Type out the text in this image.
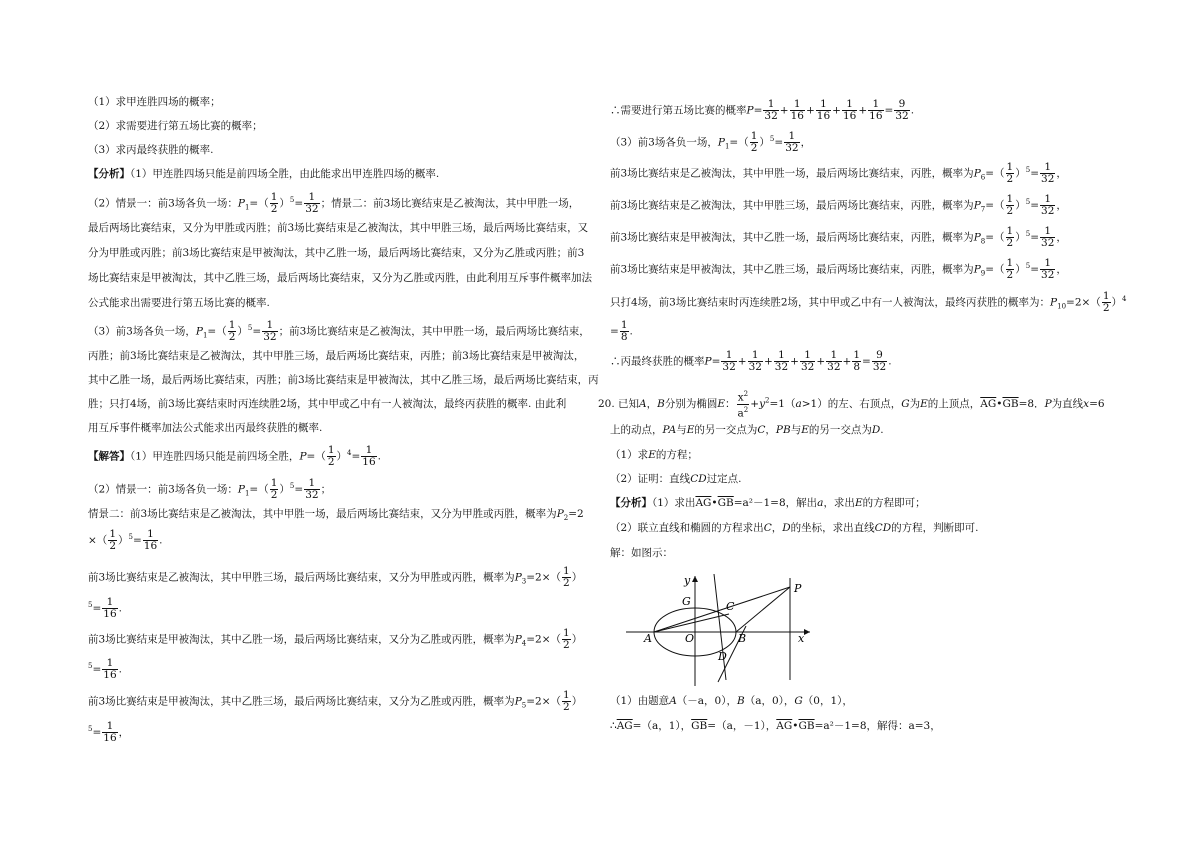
（1）求甲连胜四场的概率；
（2）求需要进行第五场比赛的概率；
（3）求丙最终获胜的概率.
【分析】（1）甲连胜四场只能是前四场全胜，由此能求出甲连胜四场的概率.
（2）情景一：前3场各负一场：$P_1=( \frac{1}{2} )^5= \frac{1}{32}$ ；情景二：前3场比赛结束是乙被淘汰，其中甲胜一场，
最后两场比赛结束，又分为甲胜或丙胜；前3场比赛结束是乙被淘汰，其中甲胜三场，最后两场比赛结束，又
分为甲胜或丙胜；前3场比赛结束是甲被淘汰，其中乙胜一场，最后两场比赛结束，又分为乙胜或丙胜；前3
场比赛结束是甲被淘汰，其中乙胜三场，最后两场比赛结束，又分为乙胜或丙胜，由此利用互斥事件概率加法
公式能求出需要进行第五场比赛的概率.
（3）前3场各负一场，$P_1=( \frac{1}{2} )^5= \frac{1}{32}$ ；前3场比赛结束是乙被淘汰，其中甲胜一场，最后两场比赛结束，
丙胜；前3场比赛结束是乙被淘汰，其中甲胜三场，最后两场比赛结束，丙胜；前3场比赛结束是甲被淘汰，
其中乙胜一场，最后两场比赛结束，丙胜；前3场比赛结束是甲被淘汰，其中乙胜三场，最后两场比赛结束，丙
胜；只打4场，前3场比赛结束时丙连续胜2场，其中甲或乙中有一人被淘汰，最终丙获胜的概率. 由此利
用互斥事件概率加法公式能求出丙最终获胜的概率.
【解答】（1）甲连胜四场只能是前四场全胜，$P=( \frac{1}{2} )^4= \frac{1}{16}$ .
（2）情景一：前3场各负一场：$P_1=( \frac{1}{2} )^5= \frac{1}{32}$ ；
情景二：前3场比赛结束是乙被淘汰，其中甲胜一场，最后两场比赛结束，又分为甲胜或丙胜，概率为$P_2=2$
×（ $\frac{1}{2} )^5= \frac{1}{16}$ .
前3场比赛结束是乙被淘汰，其中甲胜三场，最后两场比赛结束，又分为甲胜或丙胜，概率为$P_3=2\times( \frac{1}{2}$ ）
$^5= \frac{1}{16}$ .
前3场比赛结束是甲被淘汰，其中乙胜一场，最后两场比赛结束，又分为乙胜或丙胜，概率为$P_4=2\times( \frac{1}{2}$ ）
$^5= \frac{1}{16}$ .
前3场比赛结束是甲被淘汰，其中乙胜三场，最后两场比赛结束，又分为乙胜或丙胜，概率为$P_5=2\times( \frac{1}{2}$ ）
$^5= \frac{1}{16}$ ，
∴需要进行第五场比赛的概率$P= \frac{1}{32} + \frac{1}{16} + \frac{1}{16} + \frac{1}{16} + \frac{1}{16} = \frac{9}{32}$ .
（3）前3场各负一场，$P_1=( \frac{1}{2} )^5= \frac{1}{32}$ ，
前3场比赛结束是乙被淘汰，其中甲胜一场，最后两场比赛结束，丙胜，概率为$P_6=( \frac{1}{2} )^5= \frac{1}{32}$ ，
前3场比赛结束是乙被淘汰，其中甲胜三场，最后两场比赛结束，丙胜，概率为$P_7=( \frac{1}{2} )^5= \frac{1}{32}$ ，
前3场比赛结束是甲被淘汰，其中乙胜一场，最后两场比赛结束，丙胜，概率为$P_8=( \frac{1}{2} )^5= \frac{1}{32}$ ，
前3场比赛结束是甲被淘汰，其中乙胜三场，最后两场比赛结束，丙胜，概率为$P_9=( \frac{1}{2} )^5= \frac{1}{32}$ ，
只打4场，前3场比赛结束时丙连续胜2场，其中甲或乙中有一人被淘汰，最终丙获胜的概率为：$P_{10}=2\times( \frac{1}{2} )^4$
= $\frac{1}{8}$ .
∴丙最终获胜的概率$P= \frac{1}{32} + \frac{1}{32} + \frac{1}{32} + \frac{1}{32} + \frac{1}{32} + \frac{1}{8} = \frac{9}{32}$ .
20. 已知A，B分别为椭圆E： $\frac{x^2}{a^2} +y^2=1(a>1)$的左、右顶点，G为E的上顶点，$\overline{AG}•\overline{GB}=8$．P为直线x=6
上的动点，PA与E的另一交点为C，PB与E的另一交点为D.
（1）求E的方程；
（2）证明：直线CD过定点.
【分析】（1）求出$\overline{AG}•\overline{GB}=a^2-1=8$，解出a，求出E的方程即可；
（2）联立直线和椭圆的方程求出C，D的坐标，求出直线CD的方程，判断即可.
解：如图示：
y
x
P
G	C
A	O	B
D
（1）由题意A（－a，0），B（a，0），G（0，1），
$\therefore\overline{AG}=(a$，1），$\overline{GB}=(a$，－1），$\overline{AG}•\overline{GB}=a^2-1=8$，解得：a=3，
